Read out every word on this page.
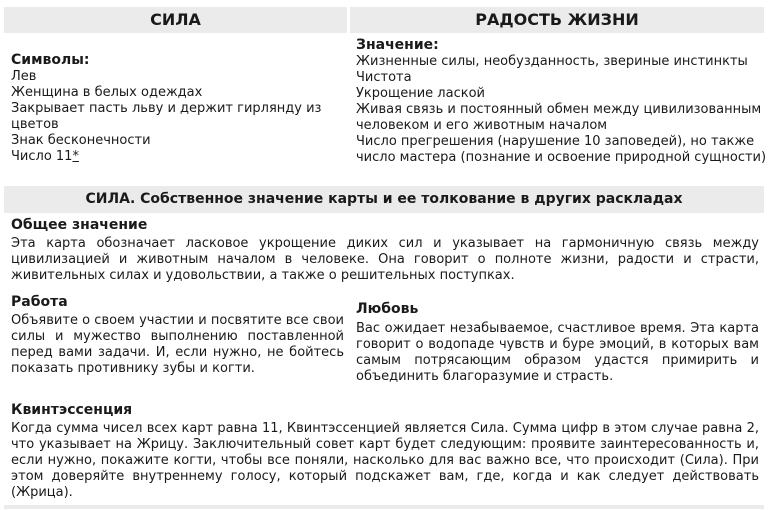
СИЛА	РАДОСТЬ ЖИЗНИ
Символы:

Лев

Женщина в белых одеждах

Закрывает пасть льву и держит гирлянду из цветов

Знак бесконечности

Число 11*

Значение:

Жизненные силы, необузданность, звериные инстинкты

Чистота

Укрощение лаской

Живая связь и постоянный обмен между цивилизованным человеком и его животным началом

Число прегрешения (нарушение 10 заповедей), но также число мастера (познание и освоение природной сущности)

СИЛА. Собственное значение карты и ее толкование в других раскладах
Общее значение
Эта карта обозначает ласковое укрощение диких сил и указывает на гармоничную связь между цивилизацией и животным началом в человеке. Она говорит о полноте жизни, радости и страсти, живительных силах и удовольствии, а также о решительных поступках.
Работа
Объявите о своем участии и посвятите все свои силы и мужество выполнению поставленной перед вами задачи. И, если нужно, не бойтесь показать противнику зубы и когти.
Любовь
Вас ожидает незабываемое, счастливое время. Эта карта говорит о водопаде чувств и буре эмоций, в которых вам самым потрясающим образом удастся примирить и объединить благоразумие и страсть.
Квинтэссенция
Когда сумма чисел всех карт равна 11, Квинтэссенцией является Сила. Сумма цифр в этом случае равна 2, что указывает на Жрицу. Заключительный совет карт будет следующим: проявите заинтересованность и, если нужно, покажите когти, чтобы все поняли, насколько для вас важно все, что происходит (Сила). При этом доверяйте внутреннему голосу, который подскажет вам, где, когда и как следует действовать (Жрица).
